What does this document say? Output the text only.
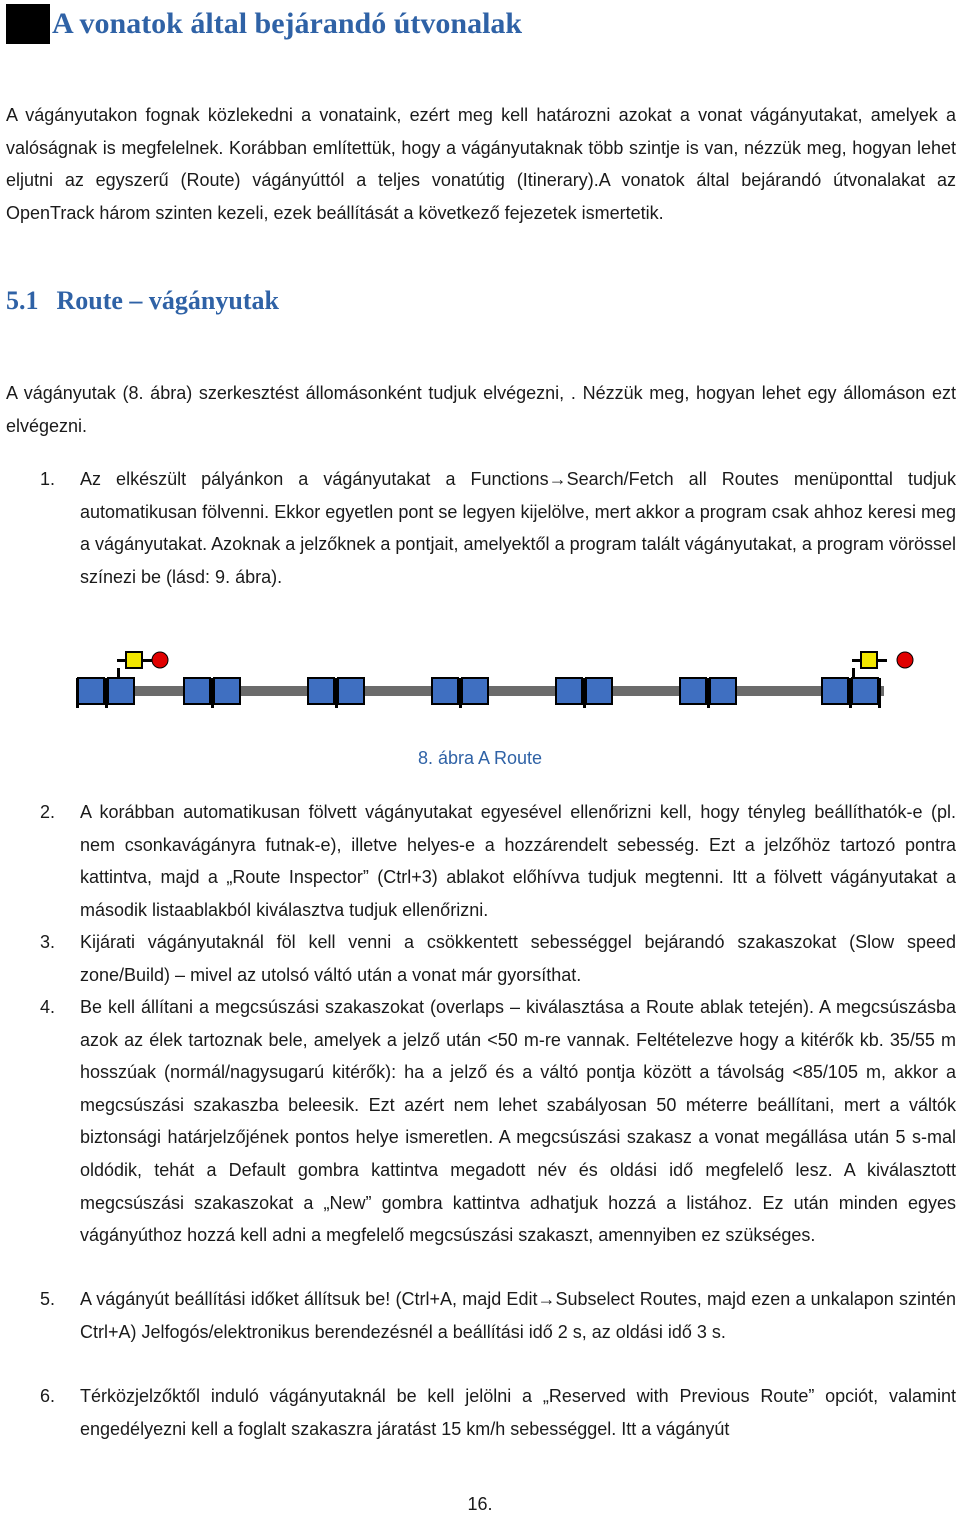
A vonatok által bejárandó útvonalak
A vágányutakon fognak közlekedni a vonataink, ezért meg kell határozni azokat a vonat vágányutakat, amelyek a valóságnak is megfelelnek. Korábban említettük, hogy a vágányutaknak több szintje is van, nézzük meg, hogyan lehet eljutni az egyszerű (Route) vágányúttól a teljes vonatútig (Itinerary).A vonatok által bejárandó útvonalakat az OpenTrack három szinten kezeli, ezek beállítását a következő fejezetek ismertetik.
5.1 Route – vágányutak
A vágányutak (8. ábra) szerkesztést állomásonként tudjuk elvégezni, . Nézzük meg, hogyan lehet egy állomáson ezt elvégezni.
1. Az elkészült pályánkon a vágányutakat a Functions→Search/Fetch all Routes menüponttal tudjuk automatikusan fölvenni. Ekkor egyetlen pont se legyen kijelölve, mert akkor a program csak ahhoz keresi meg a vágányutakat. Azoknak a jelzőknek a pontjait, amelyektől a program talált vágányutakat, a program vörössel színezi be (lásd: 9. ábra).
8. ábra A Route
2. A korábban automatikusan fölvett vágányutakat egyesével ellenőrizni kell, hogy tényleg beállíthatók-e (pl. nem csonkavágányra futnak-e), illetve helyes-e a hozzárendelt sebesség. Ezt a jelzőhöz tartozó pontra kattintva, majd a „Route Inspector” (Ctrl+3) ablakot előhívva tudjuk megtenni. Itt a fölvett vágányutakat a második listaablakból kiválasztva tudjuk ellenőrizni.
3. Kijárati vágányutaknál föl kell venni a csökkentett sebességgel bejárandó szakaszokat (Slow speed zone/Build) – mivel az utolsó váltó után a vonat már gyorsíthat.
4. Be kell állítani a megcsúszási szakaszokat (overlaps – kiválasztása a Route ablak tetején). A megcsúszásba azok az élek tartoznak bele, amelyek a jelző után <50 m-re vannak. Feltételezve hogy a kitérők kb. 35/55 m hosszúak (normál/nagysugarú kitérők): ha a jelző és a váltó pontja között a távolság <85/105 m, akkor a megcsúszási szakaszba beleesik. Ezt azért nem lehet szabályosan 50 méterre beállítani, mert a váltók biztonsági határjelzőjének pontos helye ismeretlen. A megcsúszási szakasz a vonat megállása után 5 s-mal oldódik, tehát a Default gombra kattintva megadott név és oldási idő megfelelő lesz. A kiválasztott megcsúszási szakaszokat a „New” gombra kattintva adhatjuk hozzá a listához. Ez után minden egyes vágányúthoz hozzá kell adni a megfelelő megcsúszási szakaszt, amennyiben ez szükséges.
5. A vágányút beállítási időket állítsuk be! (Ctrl+A, majd Edit→Subselect Routes, majd ezen a unkalapon szintén Ctrl+A) Jelfogós/elektronikus berendezésnél a beállítási idő 2 s, az oldási idő 3 s.
6. Térközjelzőktől induló vágányutaknál be kell jelölni a „Reserved with Previous Route” opciót, valamint engedélyezni kell a foglalt szakaszra járatást 15 km/h sebességgel. Itt a vágányút
16.
